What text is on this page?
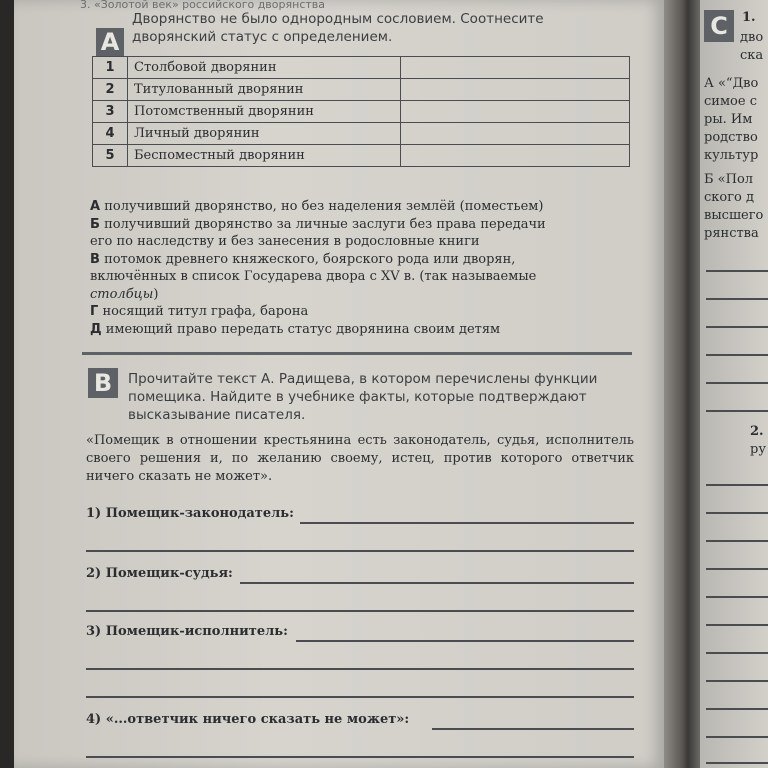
3. «Золотой век» российского дворянства
А
Дворянство не было однородным сословием. Соотнесите дворянский статус с определением.
1	Столбовой дворянин	
2	Титулованный дворянин	
3	Потомственный дворянин	
4	Личный дворянин	
5	Беспоместный дворянин	
А получивший дворянство, но без наделения землёй (поместьем)
Б получивший дворянство за личные заслуги без права передачи
его по наследству и без занесения в родословные книги
В потомок древнего княжеского, боярского рода или дворян,
включённых в список Государева двора с XV в. (так называемые
столбцы)
Г носящий титул графа, барона
Д имеющий право передать статус дворянина своим детям
В	Прочитайте текст А. Радищева, в котором перечислены функции помещика. Найдите в учебнике факты, которые подтверждают высказывание писателя.
«Помещик в отношении крестьянина есть законодатель, судья, исполнитель своего решения и, по желанию своему, истец, против которого ответчик ничего сказать не может».
1) Помещик-законодатель:
2) Помещик-судья:
3) Помещик-исполнитель:
4) «...ответчик ничего сказать не может»:
С	1.
дво
ска
А «“Дво
симое с
ры. Им
родство
культур
Б «Пол
ского д
высшего
рянства
2.
ру
